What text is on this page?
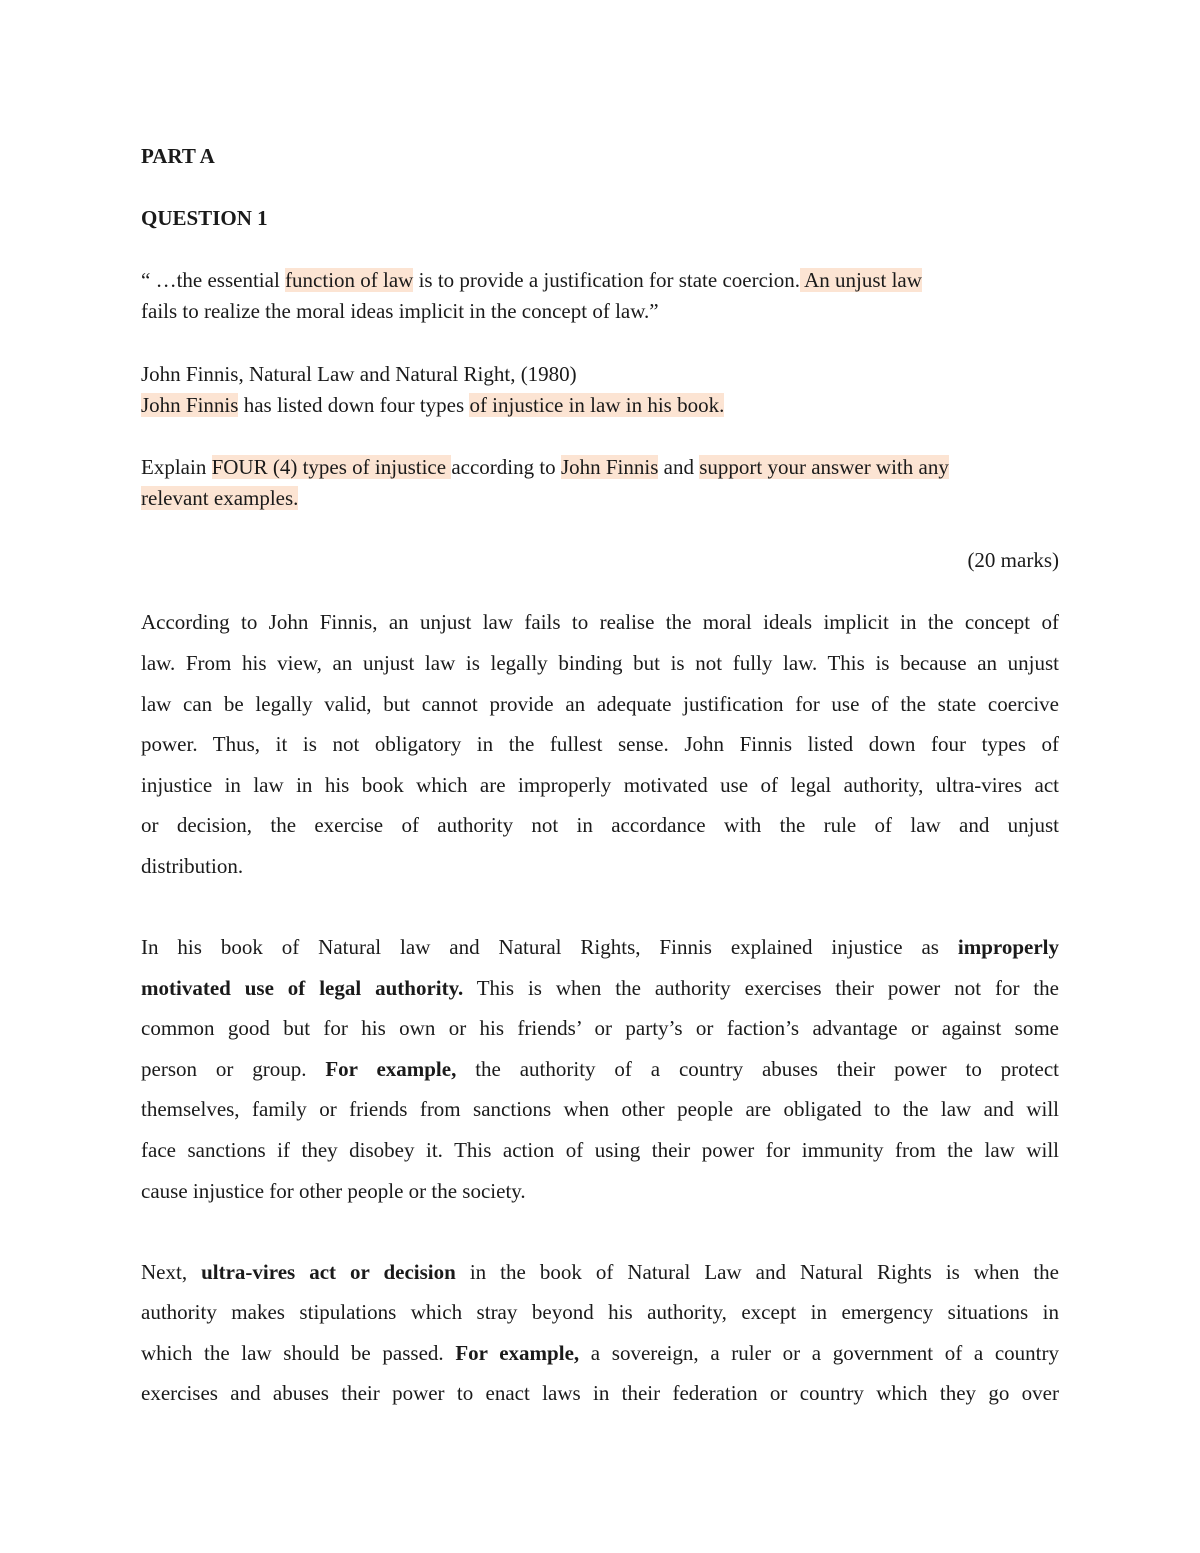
PART A
QUESTION 1
“ …the essential function of law is to provide a justification for state coercion. An unjust law
fails to realize the moral ideas implicit in the concept of law.”
John Finnis, Natural Law and Natural Right, (1980)
John Finnis has listed down four types of injustice in law in his book.
Explain FOUR (4) types of injustice according to John Finnis and support your answer with any
relevant examples.
(20 marks)
According to John Finnis, an unjust law fails to realise the moral ideals implicit in the concept of
law. From his view, an unjust law is legally binding but is not fully law. This is because an unjust
law can be legally valid, but cannot provide an adequate justification for use of the state coercive
power. Thus, it is not obligatory in the fullest sense. John Finnis listed down four types of
injustice in law in his book which are improperly motivated use of legal authority, ultra-vires act
or decision, the exercise of authority not in accordance with the rule of law and unjust
distribution.
In his book of Natural law and Natural Rights, Finnis explained injustice as improperly
motivated use of legal authority. This is when the authority exercises their power not for the
common good but for his own or his friends’ or party’s or faction’s advantage or against some
person or group. For example, the authority of a country abuses their power to protect
themselves, family or friends from sanctions when other people are obligated to the law and will
face sanctions if they disobey it. This action of using their power for immunity from the law will
cause injustice for other people or the society.
Next, ultra-vires act or decision in the book of Natural Law and Natural Rights is when the
authority makes stipulations which stray beyond his authority, except in emergency situations in
which the law should be passed. For example, a sovereign, a ruler or a government of a country
exercises and abuses their power to enact laws in their federation or country which they go over
